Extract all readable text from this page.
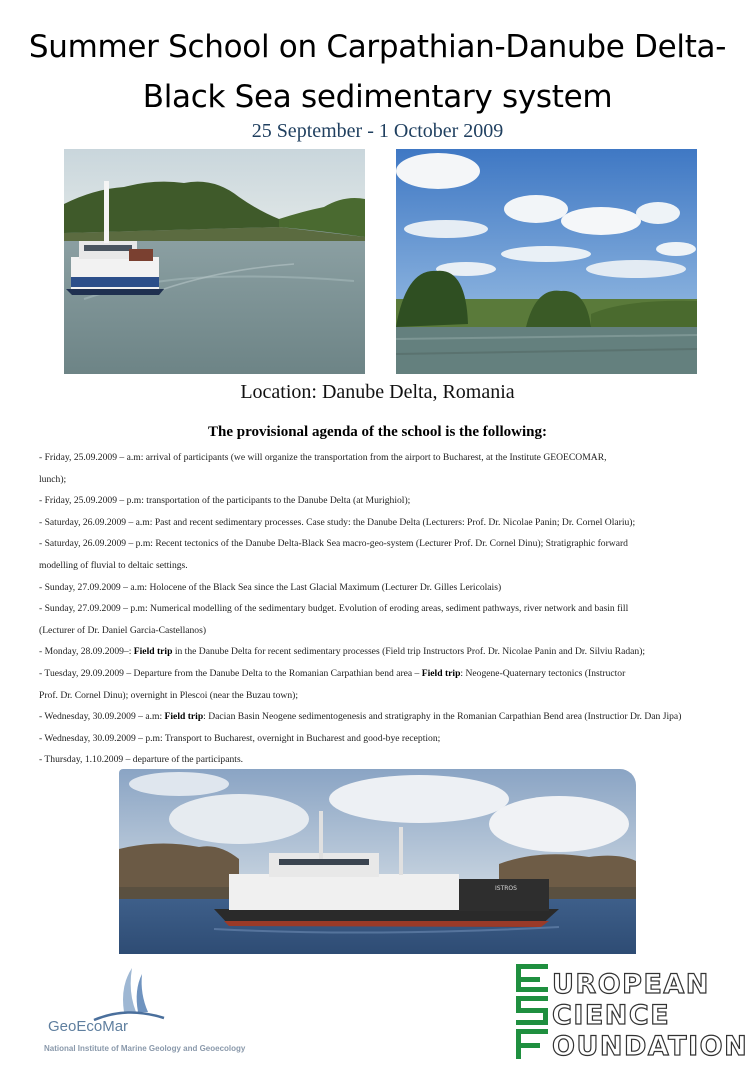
Summer School on Carpathian-Danube Delta-
Black Sea sedimentary system
25 September - 1 October 2009
Location: Danube Delta, Romania
The provisional agenda of the school is the following:
- Friday, 25.09.2009 – a.m: arrival of participants (we will organize the transportation from the airport to Bucharest, at the Institute GEOECOMAR,
lunch);
- Friday, 25.09.2009 – p.m: transportation of the participants to the Danube Delta (at Murighiol);
- Saturday, 26.09.2009 – a.m: Past and recent sedimentary processes. Case study: the Danube Delta (Lecturers: Prof. Dr. Nicolae Panin; Dr. Cornel Olariu);
- Saturday, 26.09.2009 – p.m: Recent tectonics of the Danube Delta-Black Sea macro-geo-system (Lecturer Prof. Dr. Cornel Dinu); Stratigraphic forward
modelling of fluvial to deltaic settings.
- Sunday, 27.09.2009 – a.m: Holocene of the Black Sea since the Last Glacial Maximum (Lecturer Dr. Gilles Lericolais)
- Sunday, 27.09.2009 – p.m: Numerical modelling of the sedimentary budget. Evolution of eroding areas, sediment pathways, river network and basin fill
(Lecturer of Dr. Daniel Garcia-Castellanos)
- Monday, 28.09.2009–: Field trip in the Danube Delta for recent sedimentary processes (Field trip Instructors Prof. Dr. Nicolae Panin and Dr. Silviu Radan);
- Tuesday, 29.09.2009 – Departure from the Danube Delta to the Romanian Carpathian bend area – Field trip: Neogene-Quaternary tectonics (Instructor
Prof. Dr. Cornel Dinu); overnight in Plescoi (near the Buzau town);
- Wednesday, 30.09.2009 – a.m: Field trip: Dacian Basin Neogene sedimentogenesis and stratigraphy in the Romanian Carpathian Bend area (Instructior Dr. Dan Jipa)
- Wednesday, 30.09.2009 – p.m: Transport to Bucharest, overnight in Bucharest and good-bye reception;
- Thursday, 1.10.2009 – departure of the participants.
ISTROS
GeoEcoMar
National Institute of Marine Geology and Geoecology
UROPEAN
CIENCE
OUNDATION
